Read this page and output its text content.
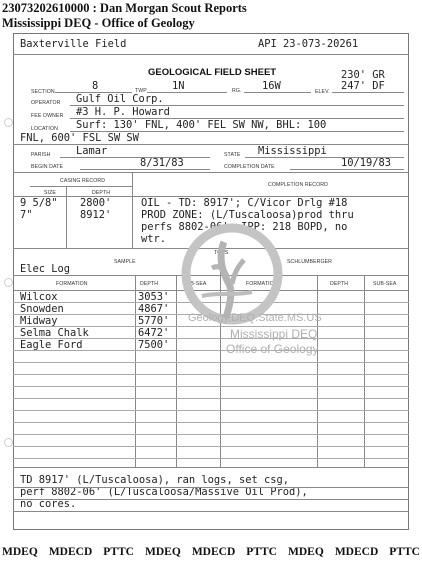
23073202610000 : Dan Morgan Scout Reports
Mississippi DEQ - Office of Geology
Baxterville Field	API 23-073-20261
GEOLOGICAL FIELD SHEET
SECTION	8	TWP 1N	RG. 16W	ELEV.
230' GR
247' DF
OPERATOR Gulf Oil Corp.
FEE OWNER #3 H. P. Howard
LOCATION Surf: 130' FNL, 400' FEL SW NW, BHL: 100
FNL, 600' FSL SW SW
PARISH Lamar	STATE Mississippi
BEGIN DATE	8/31/83	COMPLETION DATE	10/19/83
CASING RECORD
COMPLETION RECORD
SIZE	DEPTH
9 5/8" 2800'
7"	8912'
OIL - TD: 8917'; C/Vicor Drlg #18
PROD ZONE: (L/Tuscaloosa)prod thru
perfs 8802-06'. IPP: 218 BOPD, no
wtr.
SAMPLE
TOPS
SCHLUMBERGER
Elec Log
FORMATION	DEPTH	SUB-SEA	FORMATION	DEPTH	SUB-SEA
Wilcox	3053'
Snowden	4867'
Midway	5770'
Selma Chalk	6472'
Eagle Ford	7500'
Geology.DEQ.State.MS.US
Mississippi DEQ
Office of Geology
TD 8917' (L/Tuscaloosa), ran logs, set csg,
perf 8802-06' (L/Tuscaloosa/Massive Oil Prod),
no cores.
MDEQ MDECD PTTC MDEQ MDECD PTTC MDEQ MDECD PTTC
